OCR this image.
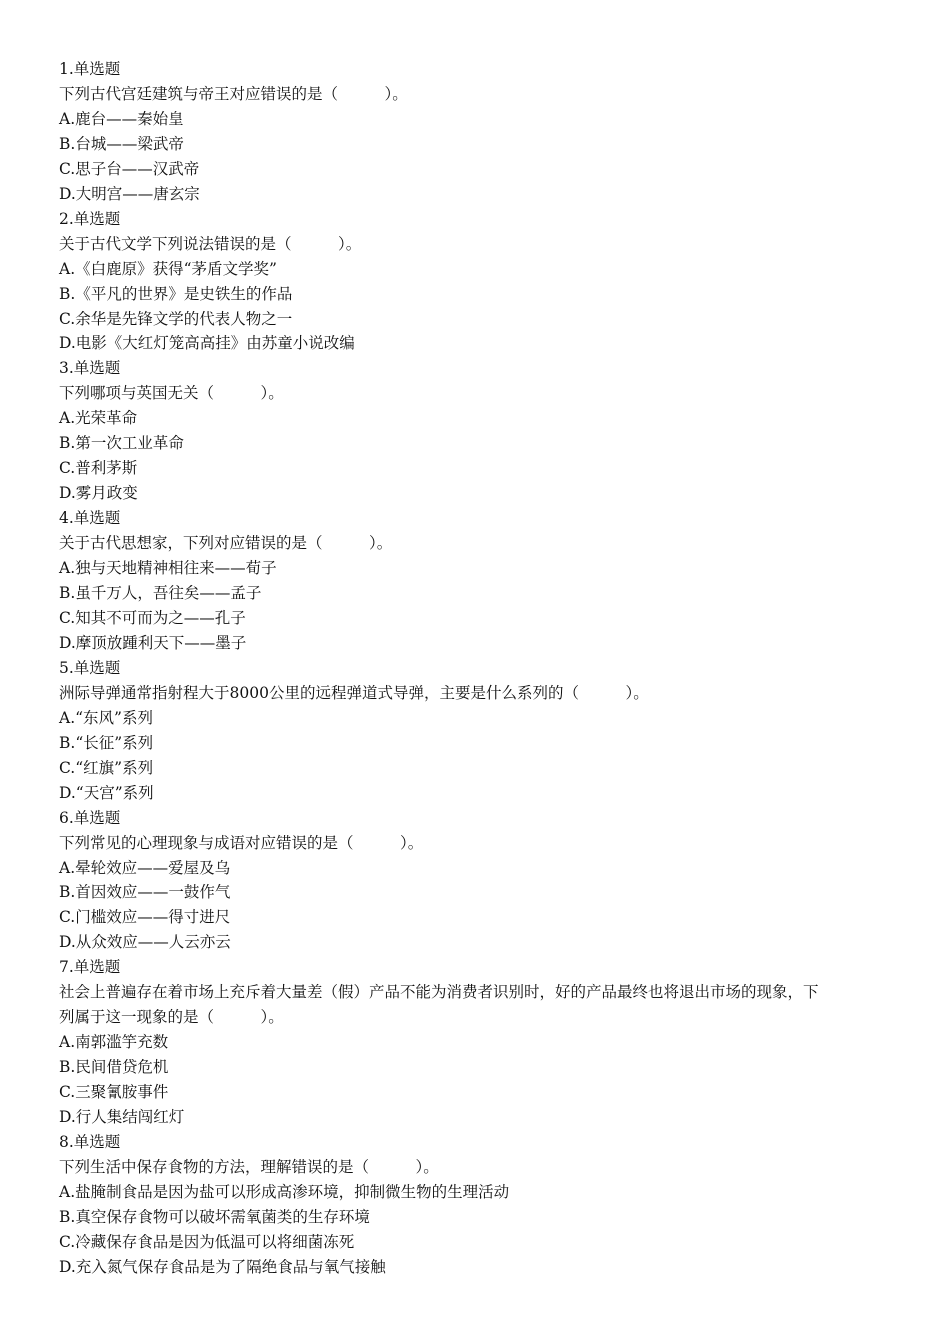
1.单选题

下列古代宫廷建筑与帝王对应错误的是（　　　）。

A.鹿台——秦始皇

B.台城——梁武帝

C.思子台——汉武帝

D.大明宫——唐玄宗

2.单选题

关于古代文学下列说法错误的是（　　　）。

A.《白鹿原》获得“茅盾文学奖”

B.《平凡的世界》是史铁生的作品

C.余华是先锋文学的代表人物之一

D.电影《大红灯笼高高挂》由苏童小说改编

3.单选题

下列哪项与英国无关（　　　）。

A.光荣革命

B.第一次工业革命

C.普利茅斯

D.雾月政变

4.单选题

关于古代思想家，下列对应错误的是（　　　）。

A.独与天地精神相往来——荀子

B.虽千万人，吾往矣——孟子

C.知其不可而为之——孔子

D.摩顶放踵利天下——墨子

5.单选题

洲际导弹通常指射程大于8000公里的远程弹道式导弹，主要是什么系列的（　　　）。

A.“东风”系列

B.“长征”系列

C.“红旗”系列

D.“天宫”系列

6.单选题

下列常见的心理现象与成语对应错误的是（　　　）。

A.晕轮效应——爱屋及乌

B.首因效应——一鼓作气

C.门槛效应——得寸进尺

D.从众效应——人云亦云

7.单选题

社会上普遍存在着市场上充斥着大量差（假）产品不能为消费者识别时，好的产品最终也将退出市场的现象，下

列属于这一现象的是（　　　）。

A.南郭滥竽充数

B.民间借贷危机

C.三聚氰胺事件

D.行人集结闯红灯

8.单选题

下列生活中保存食物的方法，理解错误的是（　　　）。

A.盐腌制食品是因为盐可以形成高渗环境，抑制微生物的生理活动

B.真空保存食物可以破坏需氧菌类的生存环境

C.冷藏保存食品是因为低温可以将细菌冻死

D.充入氮气保存食品是为了隔绝食品与氧气接触
